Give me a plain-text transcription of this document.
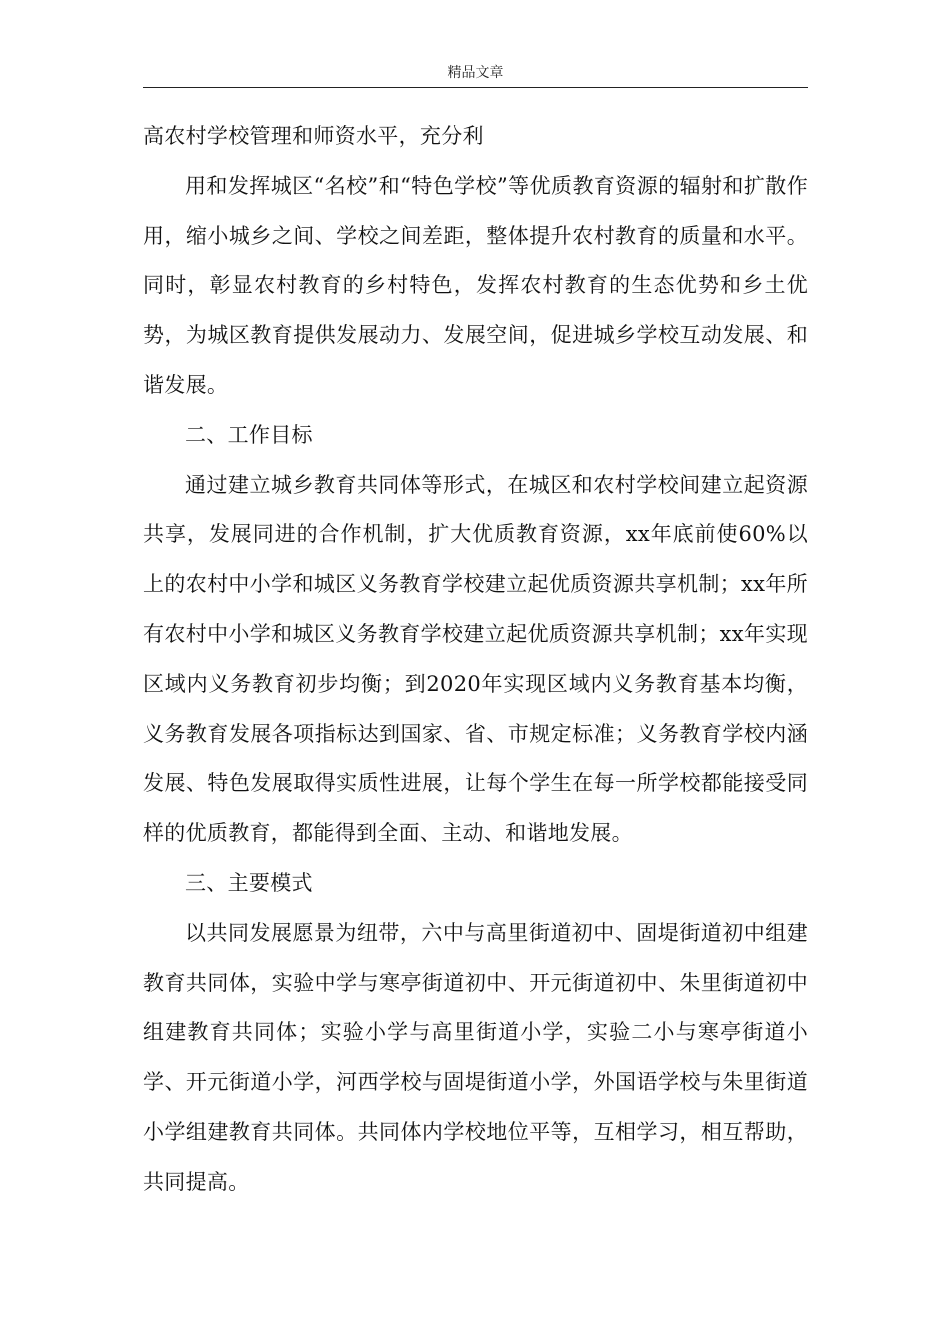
精品文章

高农村学校管理和师资水平，充分利

用和发挥城区“名校”和“特色学校”等优质教育资源的辐射和扩散作用，缩小城乡之间、学校之间差距，整体提升农村教育的质量和水平。同时，彰显农村教育的乡村特色，发挥农村教育的生态优势和乡土优势，为城区教育提供发展动力、发展空间，促进城乡学校互动发展、和谐发展。

二、工作目标

通过建立城乡教育共同体等形式，在城区和农村学校间建立起资源共享，发展同进的合作机制，扩大优质教育资源，xx年底前使60%以上的农村中小学和城区义务教育学校建立起优质资源共享机制；xx年所有农村中小学和城区义务教育学校建立起优质资源共享机制；xx年实现区域内义务教育初步均衡；到2020年实现区域内义务教育基本均衡，义务教育发展各项指标达到国家、省、市规定标准；义务教育学校内涵发展、特色发展取得实质性进展，让每个学生在每一所学校都能接受同样的优质教育，都能得到全面、主动、和谐地发展。

三、主要模式

以共同发展愿景为纽带，六中与高里街道初中、固堤街道初中组建教育共同体，实验中学与寒亭街道初中、开元街道初中、朱里街道初中组建教育共同体；实验小学与高里街道小学，实验二小与寒亭街道小学、开元街道小学，河西学校与固堤街道小学，外国语学校与朱里街道小学组建教育共同体。共同体内学校地位平等，互相学习，相互帮助，共同提高。
